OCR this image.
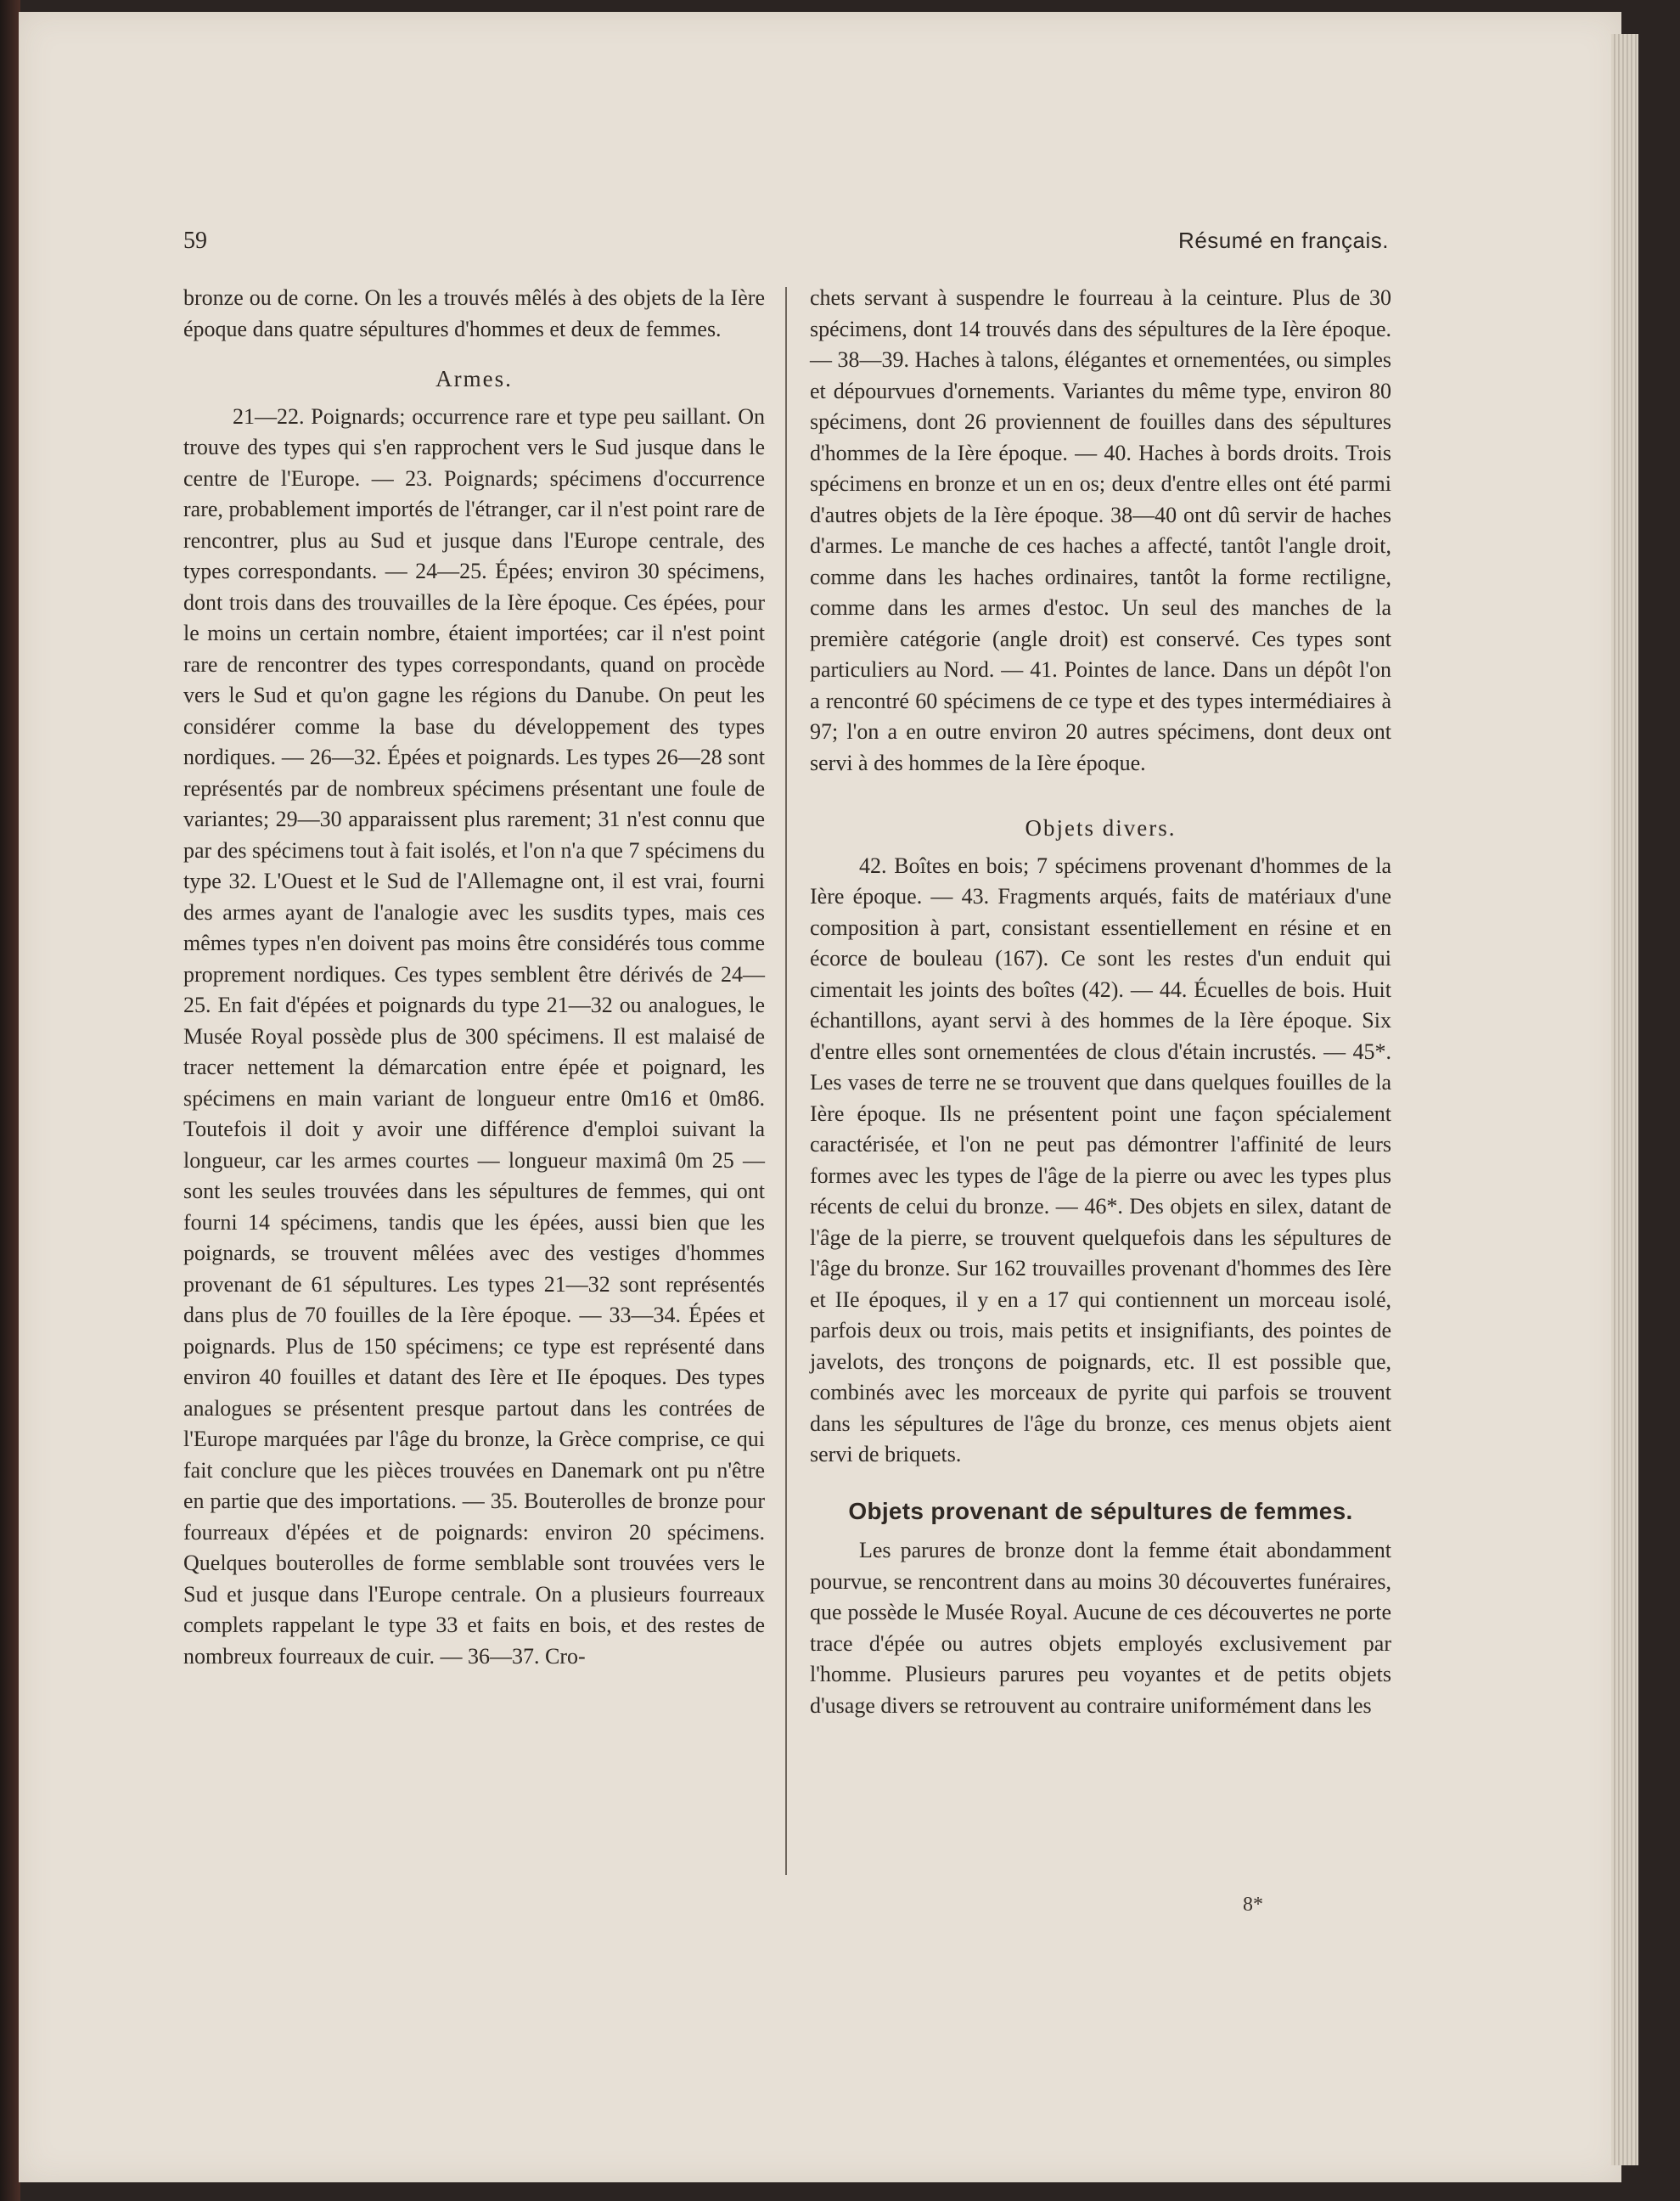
59	Résumé en français.

bronze ou de corne. On les a trouvés mêlés à des objets de la Ière époque dans quatre sépultures d'hommes et deux de femmes.

Armes.

21—22. Poignards; occurrence rare et type peu saillant. On trouve des types qui s'en rapprochent vers le Sud jusque dans le centre de l'Europe. — 23. Poignards; spécimens d'occurrence rare, probablement importés de l'étranger, car il n'est point rare de rencontrer, plus au Sud et jusque dans l'Europe centrale, des types correspondants. — 24—25. Épées; environ 30 spécimens, dont trois dans des trouvailles de la Ière époque. Ces épées, pour le moins un certain nombre, étaient importées; car il n'est point rare de rencontrer des types correspondants, quand on procède vers le Sud et qu'on gagne les régions du Danube. On peut les considérer comme la base du développement des types nordiques. — 26—32. Épées et poignards. Les types 26—28 sont représentés par de nombreux spécimens présentant une foule de variantes; 29—30 apparaissent plus rarement; 31 n'est connu que par des spécimens tout à fait isolés, et l'on n'a que 7 spécimens du type 32. L'Ouest et le Sud de l'Allemagne ont, il est vrai, fourni des armes ayant de l'analogie avec les susdits types, mais ces mêmes types n'en doivent pas moins être considérés tous comme proprement nordiques. Ces types semblent être dérivés de 24—25. En fait d'épées et poignards du type 21—32 ou analogues, le Musée Royal possède plus de 300 spécimens. Il est malaisé de tracer nettement la démarcation entre épée et poignard, les spécimens en main variant de longueur entre 0m16 et 0m86. Toutefois il doit y avoir une différence d'emploi suivant la longueur, car les armes courtes — longueur maximâ 0m 25 — sont les seules trouvées dans les sépultures de femmes, qui ont fourni 14 spécimens, tandis que les épées, aussi bien que les poignards, se trouvent mêlées avec des vestiges d'hommes provenant de 61 sépultures. Les types 21—32 sont représentés dans plus de 70 fouilles de la Ière époque. — 33—34. Épées et poignards. Plus de 150 spécimens; ce type est représenté dans environ 40 fouilles et datant des Ière et IIe époques. Des types analogues se présentent presque partout dans les contrées de l'Europe marquées par l'âge du bronze, la Grèce comprise, ce qui fait conclure que les pièces trouvées en Danemark ont pu n'être en partie que des importations. — 35. Bouterolles de bronze pour fourreaux d'épées et de poignards: environ 20 spécimens. Quelques bouterolles de forme semblable sont trouvées vers le Sud et jusque dans l'Europe centrale. On a plusieurs fourreaux complets rappelant le type 33 et faits en bois, et des restes de nombreux fourreaux de cuir. — 36—37. Cro-

chets servant à suspendre le fourreau à la ceinture. Plus de 30 spécimens, dont 14 trouvés dans des sépultures de la Ière époque. — 38—39. Haches à talons, élégantes et ornementées, ou simples et dépourvues d'ornements. Variantes du même type, environ 80 spécimens, dont 26 proviennent de fouilles dans des sépultures d'hommes de la Ière époque. — 40. Haches à bords droits. Trois spécimens en bronze et un en os; deux d'entre elles ont été parmi d'autres objets de la Ière époque. 38—40 ont dû servir de haches d'armes. Le manche de ces haches a affecté, tantôt l'angle droit, comme dans les haches ordinaires, tantôt la forme rectiligne, comme dans les armes d'estoc. Un seul des manches de la première catégorie (angle droit) est conservé. Ces types sont particuliers au Nord. — 41. Pointes de lance. Dans un dépôt l'on a rencontré 60 spécimens de ce type et des types intermédiaires à 97; l'on a en outre environ 20 autres spécimens, dont deux ont servi à des hommes de la Ière époque.

Objets divers.

42. Boîtes en bois; 7 spécimens provenant d'hommes de la Ière époque. — 43. Fragments arqués, faits de matériaux d'une composition à part, consistant essentiellement en résine et en écorce de bouleau (167). Ce sont les restes d'un enduit qui cimentait les joints des boîtes (42). — 44. Écuelles de bois. Huit échantillons, ayant servi à des hommes de la Ière époque. Six d'entre elles sont ornementées de clous d'étain incrustés. — 45*. Les vases de terre ne se trouvent que dans quelques fouilles de la Ière époque. Ils ne présentent point une façon spécialement caractérisée, et l'on ne peut pas démontrer l'affinité de leurs formes avec les types de l'âge de la pierre ou avec les types plus récents de celui du bronze. — 46*. Des objets en silex, datant de l'âge de la pierre, se trouvent quelquefois dans les sépultures de l'âge du bronze. Sur 162 trouvailles provenant d'hommes des Ière et IIe époques, il y en a 17 qui contiennent un morceau isolé, parfois deux ou trois, mais petits et insignifiants, des pointes de javelots, des tronçons de poignards, etc. Il est possible que, combinés avec les morceaux de pyrite qui parfois se trouvent dans les sépultures de l'âge du bronze, ces menus objets aient servi de briquets.

Objets provenant de sépultures de femmes.

Les parures de bronze dont la femme était abondamment pourvue, se rencontrent dans au moins 30 découvertes funéraires, que possède le Musée Royal. Aucune de ces découvertes ne porte trace d'épée ou autres objets employés exclusivement par l'homme. Plusieurs parures peu voyantes et de petits objets d'usage divers se retrouvent au contraire uniformément dans les

8*
